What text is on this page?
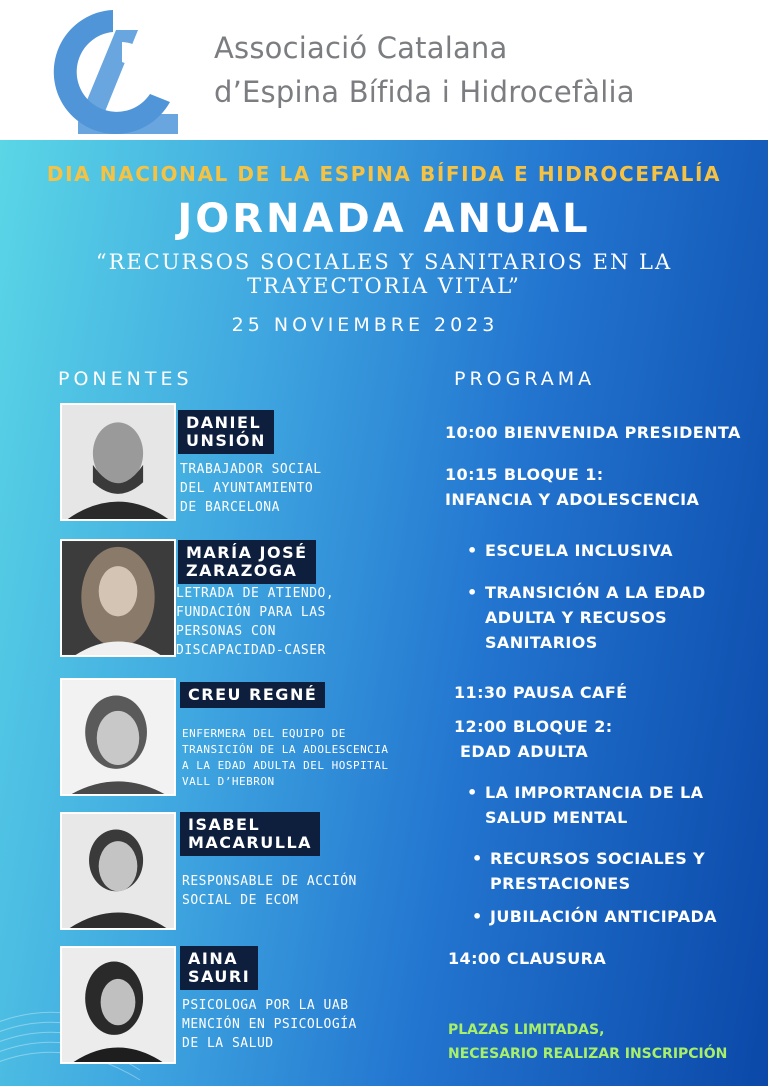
Associació Catalana
d’Espina Bífida i Hidrocefàlia
DIA NACIONAL DE LA ESPINA BÍFIDA E HIDROCEFALÍA
JORNADA ANUAL
“RECURSOS SOCIALES Y SANITARIOS EN LA
TRAYECTORIA VITAL”
25 NOVIEMBRE 2023
PONENTES	PROGRAMA
DANIEL
UNSIÓN
TRABAJADOR SOCIAL
DEL AYUNTAMIENTO
DE BARCELONA
MARÍA JOSÉ
ZARAZOGA
LETRADA DE ATIENDO,
FUNDACIÓN PARA LAS
PERSONAS CON
DISCAPACIDAD-CASER
CREU REGNÉ
ENFERMERA DEL EQUIPO DE
TRANSICIÓN DE LA ADOLESCENCIA
A LA EDAD ADULTA DEL HOSPITAL
VALL D’HEBRON
ISABEL
MACARULLA
RESPONSABLE DE ACCIÓN
SOCIAL DE ECOM
AINA
SAURI
PSICOLOGA POR LA UAB
MENCIÓN EN PSICOLOGÍA
DE LA SALUD
10:00 BIENVENIDA PRESIDENTA
10:15 BLOQUE 1:
INFANCIA Y ADOLESCENCIA
• ESCUELA INCLUSIVA
• TRANSICIÓN A LA EDAD
ADULTA Y RECUSOS
SANITARIOS
11:30 PAUSA CAFÉ
12:00 BLOQUE 2:
EDAD ADULTA
• LA IMPORTANCIA DE LA
SALUD MENTAL
• RECURSOS SOCIALES Y
PRESTACIONES
• JUBILACIÓN ANTICIPADA
14:00 CLAUSURA
PLAZAS LIMITADAS,
NECESARIO REALIZAR INSCRIPCIÓN
